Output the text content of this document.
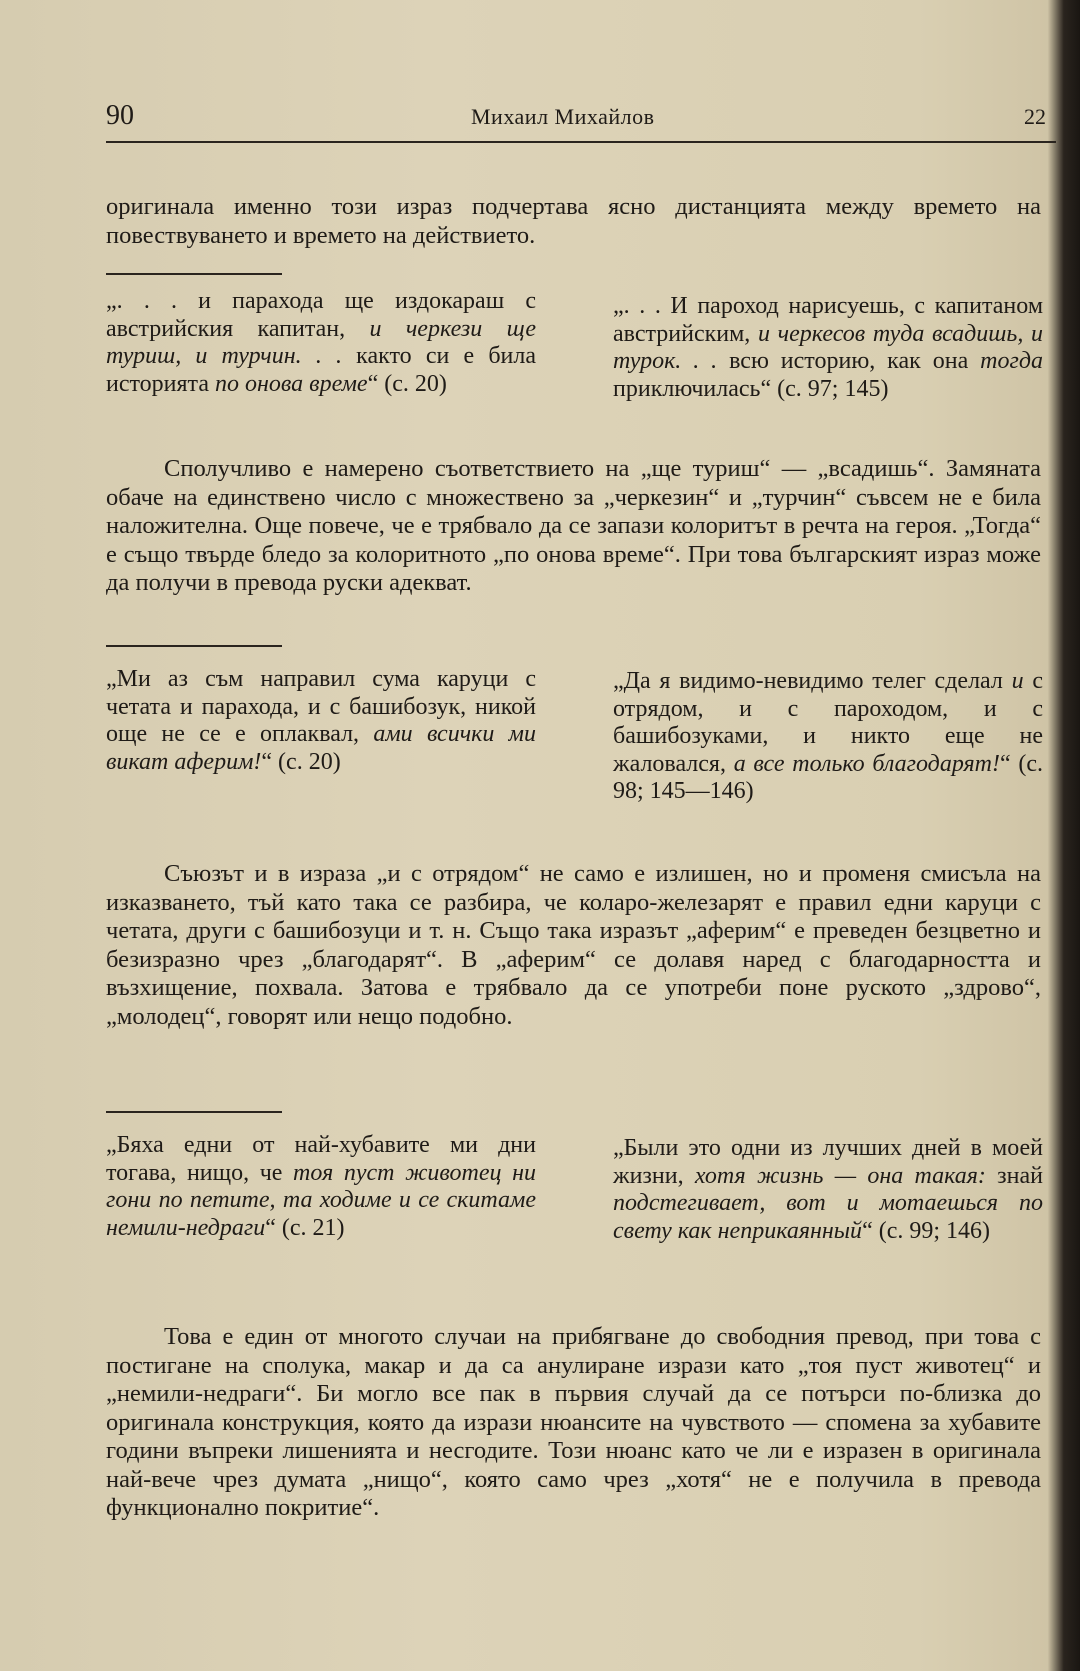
90	Михаил Михайлов	22

оригинала именно този израз подчертава ясно дистанцията между времето на повествуването и времето на действието.

„. . . и парахода ще издокараш с австрийския капитан, и черкези ще туриш, и турчин. . . както си е била историята по онова време“ (с. 20)
„. . . И пароход нарисуешь, с капитаном австрийским, и черкесов туда всадишь, и турок. . . всю историю, как она тогда приключилась“ (с. 97; 145)

Сполучливо е намерено съответствието на „ще туриш“ — „всадишь“. Замяната обаче на единствено число с множествено за „черкезин“ и „турчин“ съвсем не е била наложителна. Още повече, че е трябвало да се запази колоритът в речта на героя. „Тогда“ е също твърде бледо за колоритното „по онова време“. При това българският израз може да получи в превода руски адекват.

„Ми аз съм направил сума каруци с четата и парахода, и с башибозук, никой още не се е оплаквал, ами всички ми викат аферим!“ (с. 20)
„Да я видимо-невидимо телег сделал и с отрядом, и с пароходом, и с башибозуками, и никто еще не жаловался, а все только благодарят!“ (с. 98; 145—146)

Съюзът и в израза „и с отрядом“ не само е излишен, но и променя смисъла на изказването, тъй като така се разбира, че коларо-железарят е правил едни каруци с четата, други с башибозуци и т. н. Също така изразът „аферим“ е преведен безцветно и безизразно чрез „благодарят“. В „аферим“ се долавя наред с благодарността и възхищение, похвала. Затова е трябвало да се употреби поне руското „здрово“, „молодец“, говорят или нещо подобно.

„Бяха едни от най-хубавите ми дни тогава, нищо, че тоя пуст животец ни гони по петите, та ходиме и се скитаме немили-недраги“ (с. 21)
„Были это одни из лучших дней в моей жизни, хотя жизнь — она такая: знай подстегивает, вот и мотаешься по свету как неприкаянный“ (с. 99; 146)

Това е един от многото случаи на прибягване до свободния превод, при това с постигане на сполука, макар и да са анулиране изрази като „тоя пуст животец“ и „немили-недраги“. Би могло все пак в първия случай да се потърси по-близка до оригинала конструкция, която да изрази нюансите на чувството — спомена за хубавите години въпреки лишенията и несгодите. Този нюанс като че ли е изразен в оригинала най-вече чрез думата „нищо“, която само чрез „хотя“ не е получила в превода функционално покритие“.
